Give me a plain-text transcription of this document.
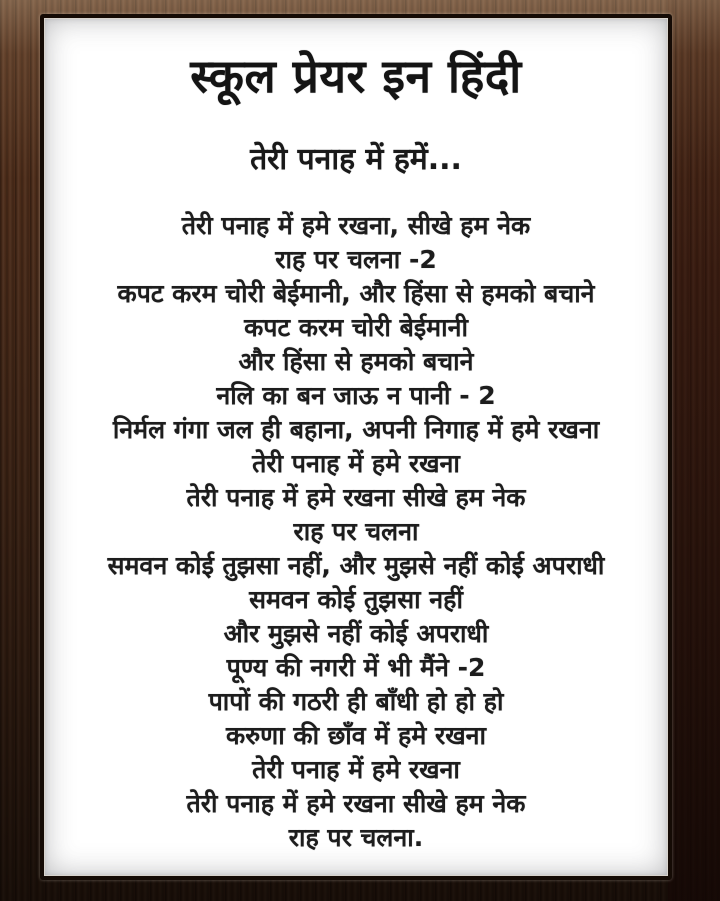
स्कूल प्रेयर इन हिंदी
तेरी पनाह में हमें...
तेरी पनाह में हमे रखना, सीखे हम नेक
राह पर चलना -2
कपट करम चोरी बेईमानी, और हिंसा से हमको बचाने
कपट करम चोरी बेईमानी
और हिंसा से हमको बचाने
नलि का बन जाऊ न पानी - 2
निर्मल गंगा जल ही बहाना, अपनी निगाह में हमे रखना
तेरी पनाह में हमे रखना
तेरी पनाह में हमे रखना सीखे हम नेक
राह पर चलना
समवन कोई तुझसा नहीं, और मुझसे नहीं कोई अपराधी
समवन कोई तुझसा नहीं
और मुझसे नहीं कोई अपराधी
पूण्य की नगरी में भी मैंने -2
पापों की गठरी ही बाँधी हो हो हो
करुणा की छाँव में हमे रखना
तेरी पनाह में हमे रखना
तेरी पनाह में हमे रखना सीखे हम नेक
राह पर चलना.
